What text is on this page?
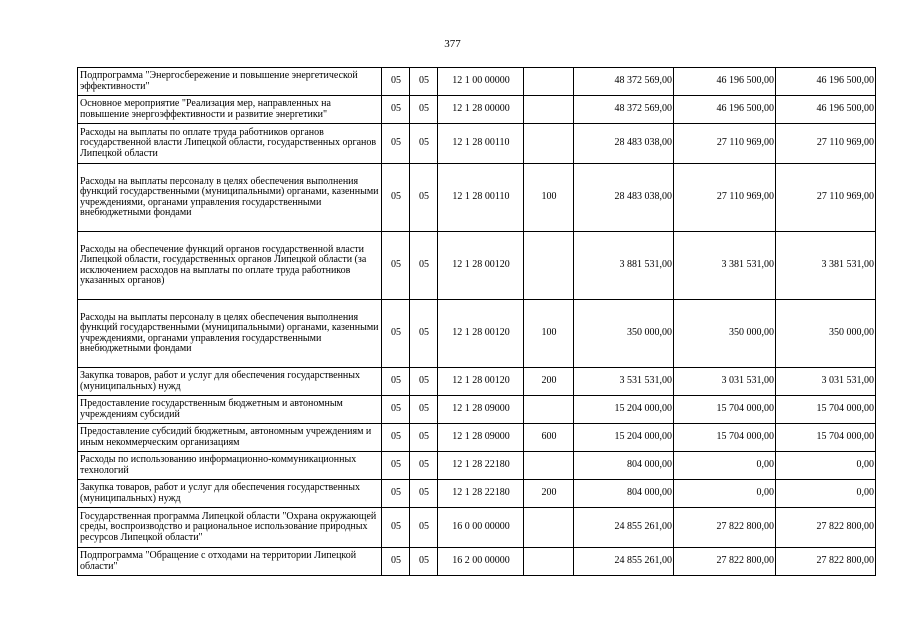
377
Подпрограмма "Энергосбережение и повышение энергетической эффективности"	05	05	12 1 00 00000		48 372 569,00	46 196 500,00	46 196 500,00
Основное мероприятие "Реализация мер, направленных на повышение энергоэффективности и развитие энергетики"	05	05	12 1 28 00000		48 372 569,00	46 196 500,00	46 196 500,00
Расходы на выплаты по оплате труда работников органов государственной власти Липецкой области, государственных органов Липецкой области	05	05	12 1 28 00110		28 483 038,00	27 110 969,00	27 110 969,00
Расходы на выплаты персоналу в целях обеспечения выполнения функций государственными (муниципальными) органами, казенными учреждениями, органами управления государственными внебюджетными фондами	05	05	12 1 28 00110	100	28 483 038,00	27 110 969,00	27 110 969,00
Расходы на обеспечение функций органов государственной власти Липецкой области, государственных органов Липецкой области (за исключением расходов на выплаты по оплате труда работников указанных органов)	05	05	12 1 28 00120		3 881 531,00	3 381 531,00	3 381 531,00
Расходы на выплаты персоналу в целях обеспечения выполнения функций государственными (муниципальными) органами, казенными учреждениями, органами управления государственными внебюджетными фондами	05	05	12 1 28 00120	100	350 000,00	350 000,00	350 000,00
Закупка товаров, работ и услуг для обеспечения государственных (муниципальных) нужд	05	05	12 1 28 00120	200	3 531 531,00	3 031 531,00	3 031 531,00
Предоставление государственным бюджетным и автономным учреждениям субсидий	05	05	12 1 28 09000		15 204 000,00	15 704 000,00	15 704 000,00
Предоставление субсидий бюджетным, автономным учреждениям и иным некоммерческим организациям	05	05	12 1 28 09000	600	15 204 000,00	15 704 000,00	15 704 000,00
Расходы по использованию информационно-коммуникационных технологий	05	05	12 1 28 22180		804 000,00	0,00	0,00
Закупка товаров, работ и услуг для обеспечения государственных (муниципальных) нужд	05	05	12 1 28 22180	200	804 000,00	0,00	0,00
Государственная программа Липецкой области "Охрана окружающей среды, воспроизводство и рациональное использование природных ресурсов Липецкой области"	05	05	16 0 00 00000		24 855 261,00	27 822 800,00	27 822 800,00
Подпрограмма "Обращение с отходами на территории Липецкой области"	05	05	16 2 00 00000		24 855 261,00	27 822 800,00	27 822 800,00
